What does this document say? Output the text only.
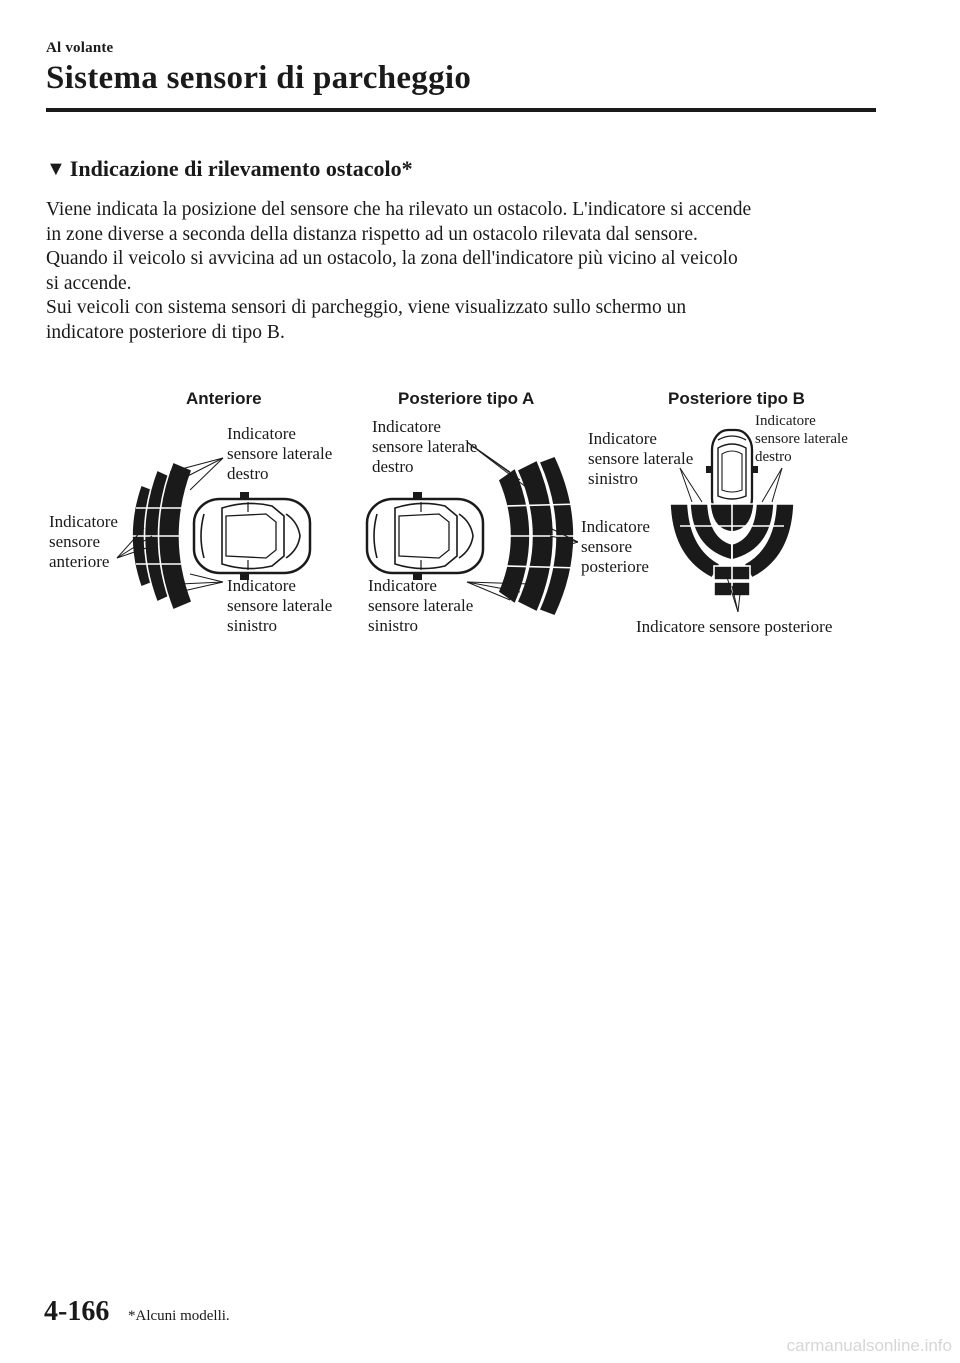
Al volante
Sistema sensori di parcheggio
▼ Indicazione di rilevamento ostacolo*
Viene indicata la posizione del sensore che ha rilevato un ostacolo. L'indicatore si accende
in zone diverse a seconda della distanza rispetto ad un ostacolo rilevata dal sensore.
Quando il veicolo si avvicina ad un ostacolo, la zona dell'indicatore più vicino al veicolo
si accende.
Sui veicoli con sistema sensori di parcheggio, viene visualizzato sullo schermo un
indicatore posteriore di tipo B.
Anteriore
Indicatore sensore laterale destro
Indicatore sensore anteriore
Indicatore sensore laterale sinistro
Posteriore tipo A
Indicatore sensore laterale destro
Indicatore sensore posteriore
Indicatore sensore laterale sinistro
Posteriore tipo B
Indicatore sensore laterale sinistro
Indicatore sensore laterale destro
Indicatore sensore posteriore
4-166 *Alcuni modelli.
carmanualsonline.info
